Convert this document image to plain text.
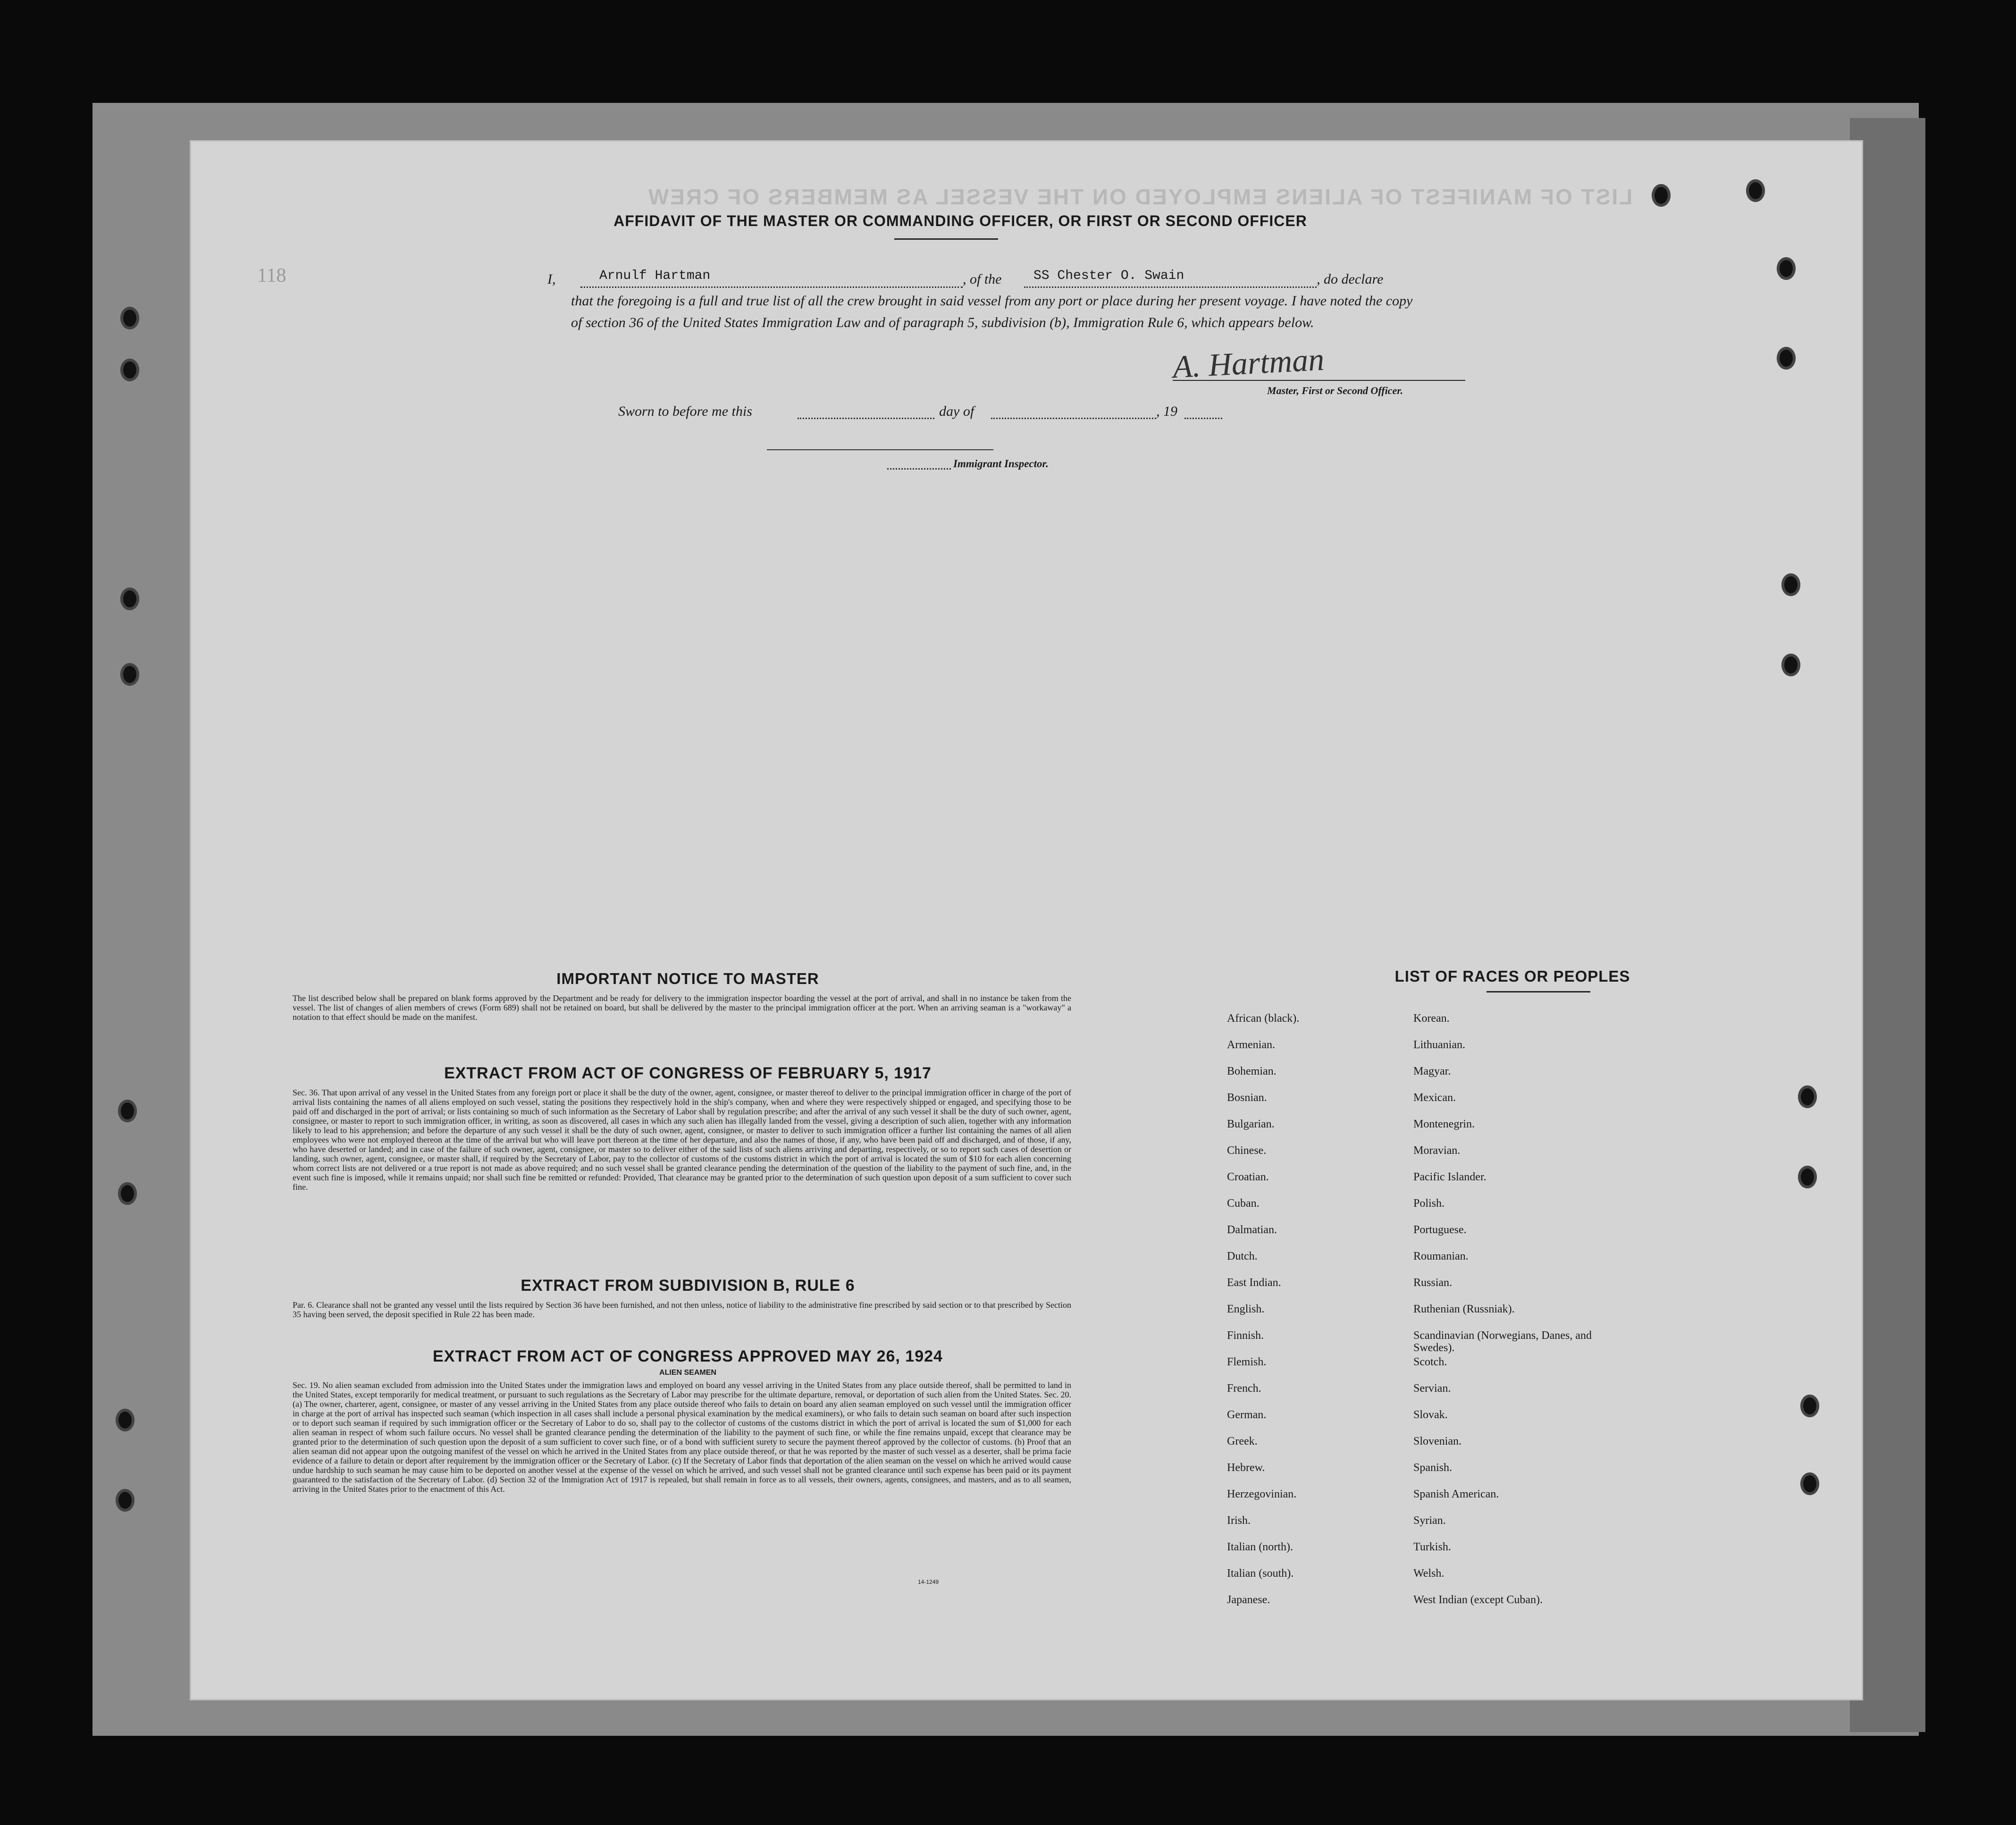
LIST OF MANIFEST OF ALIENS EMPLOYED ON THE VESSEL AS MEMBERS OF CREW
118
AFFIDAVIT OF THE MASTER OR COMMANDING OFFICER, OR FIRST OR SECOND OFFICER
I,	Arnulf Hartman	, of the SS Chester O. Swain	, do declare
that the foregoing is a full and true list of all the crew brought in said vessel from any port or place during her present voyage. I have noted the copy of section 36 of the United States Immigration Law and of paragraph 5, subdivision (b), Immigration Rule 6, which appears below.
A. Hartman
Master, First or Second Officer.
Sworn to before me this	day of	, 19
Immigrant Inspector.
IMPORTANT NOTICE TO MASTER
The list described below shall be prepared on blank forms approved by the Department and be ready for delivery to the immigration inspector boarding the vessel at the port of arrival, and shall in no instance be taken from the vessel. The list of changes of alien members of crews (Form 689) shall not be retained on board, but shall be delivered by the master to the principal immigration officer at the port. When an arriving seaman is a "workaway" a notation to that effect should be made on the manifest.
EXTRACT FROM ACT OF CONGRESS OF FEBRUARY 5, 1917
Sec. 36. That upon arrival of any vessel in the United States from any foreign port or place it shall be the duty of the owner, agent, consignee, or master thereof to deliver to the principal immigration officer in charge of the port of arrival lists containing the names of all aliens employed on such vessel, stating the positions they respectively hold in the ship's company, when and where they were respectively shipped or engaged, and specifying those to be paid off and discharged in the port of arrival; or lists containing so much of such information as the Secretary of Labor shall by regulation prescribe; and after the arrival of any such vessel it shall be the duty of such owner, agent, consignee, or master to report to such immigration officer, in writing, as soon as discovered, all cases in which any such alien has illegally landed from the vessel, giving a description of such alien, together with any information likely to lead to his apprehension; and before the departure of any such vessel it shall be the duty of such owner, agent, consignee, or master to deliver to such immigration officer a further list containing the names of all alien employees who were not employed thereon at the time of the arrival but who will leave port thereon at the time of her departure, and also the names of those, if any, who have been paid off and discharged, and of those, if any, who have deserted or landed; and in case of the failure of such owner, agent, consignee, or master so to deliver either of the said lists of such aliens arriving and departing, respectively, or so to report such cases of desertion or landing, such owner, agent, consignee, or master shall, if required by the Secretary of Labor, pay to the collector of customs of the customs district in which the port of arrival is located the sum of $10 for each alien concerning whom correct lists are not delivered or a true report is not made as above required; and no such vessel shall be granted clearance pending the determination of the question of the liability to the payment of such fine, and, in the event such fine is imposed, while it remains unpaid; nor shall such fine be remitted or refunded: Provided, That clearance may be granted prior to the determination of such question upon deposit of a sum sufficient to cover such fine.
EXTRACT FROM SUBDIVISION B, RULE 6
Par. 6. Clearance shall not be granted any vessel until the lists required by Section 36 have been furnished, and not then unless, notice of liability to the administrative fine prescribed by said section or to that prescribed by Section 35 having been served, the deposit specified in Rule 22 has been made.
EXTRACT FROM ACT OF CONGRESS APPROVED MAY 26, 1924
ALIEN SEAMEN
Sec. 19. No alien seaman excluded from admission into the United States under the immigration laws and employed on board any vessel arriving in the United States from any place outside thereof, shall be permitted to land in the United States, except temporarily for medical treatment, or pursuant to such regulations as the Secretary of Labor may prescribe for the ultimate departure, removal, or deportation of such alien from the United States. Sec. 20. (a) The owner, charterer, agent, consignee, or master of any vessel arriving in the United States from any place outside thereof who fails to detain on board any alien seaman employed on such vessel until the immigration officer in charge at the port of arrival has inspected such seaman (which inspection in all cases shall include a personal physical examination by the medical examiners), or who fails to detain such seaman on board after such inspection or to deport such seaman if required by such immigration officer or the Secretary of Labor to do so, shall pay to the collector of customs of the customs district in which the port of arrival is located the sum of $1,000 for each alien seaman in respect of whom such failure occurs. No vessel shall be granted clearance pending the determination of the liability to the payment of such fine, or while the fine remains unpaid, except that clearance may be granted prior to the determination of such question upon the deposit of a sum sufficient to cover such fine, or of a bond with sufficient surety to secure the payment thereof approved by the collector of customs. (b) Proof that an alien seaman did not appear upon the outgoing manifest of the vessel on which he arrived in the United States from any place outside thereof, or that he was reported by the master of such vessel as a deserter, shall be prima facie evidence of a failure to detain or deport after requirement by the immigration officer or the Secretary of Labor. (c) If the Secretary of Labor finds that deportation of the alien seaman on the vessel on which he arrived would cause undue hardship to such seaman he may cause him to be deported on another vessel at the expense of the vessel on which he arrived, and such vessel shall not be granted clearance until such expense has been paid or its payment guaranteed to the satisfaction of the Secretary of Labor. (d) Section 32 of the Immigration Act of 1917 is repealed, but shall remain in force as to all vessels, their owners, agents, consignees, and masters, and as to all seamen, arriving in the United States prior to the enactment of this Act.
14-1249
LIST OF RACES OR PEOPLES
African (black).
Armenian.
Bohemian.
Bosnian.
Bulgarian.
Chinese.
Croatian.
Cuban.
Dalmatian.
Dutch.
East Indian.
English.
Finnish.
Flemish.
French.
German.
Greek.
Hebrew.
Herzegovinian.
Irish.
Italian (north).
Italian (south).
Japanese.
Korean.
Lithuanian.
Magyar.
Mexican.
Montenegrin.
Moravian.
Pacific Islander.
Polish.
Portuguese.
Roumanian.
Russian.
Ruthenian (Russniak).
Scandinavian (Norwegians, Danes, and Swedes).
Scotch.
Servian.
Slovak.
Slovenian.
Spanish.
Spanish American.
Syrian.
Turkish.
Welsh.
West Indian (except Cuban).
